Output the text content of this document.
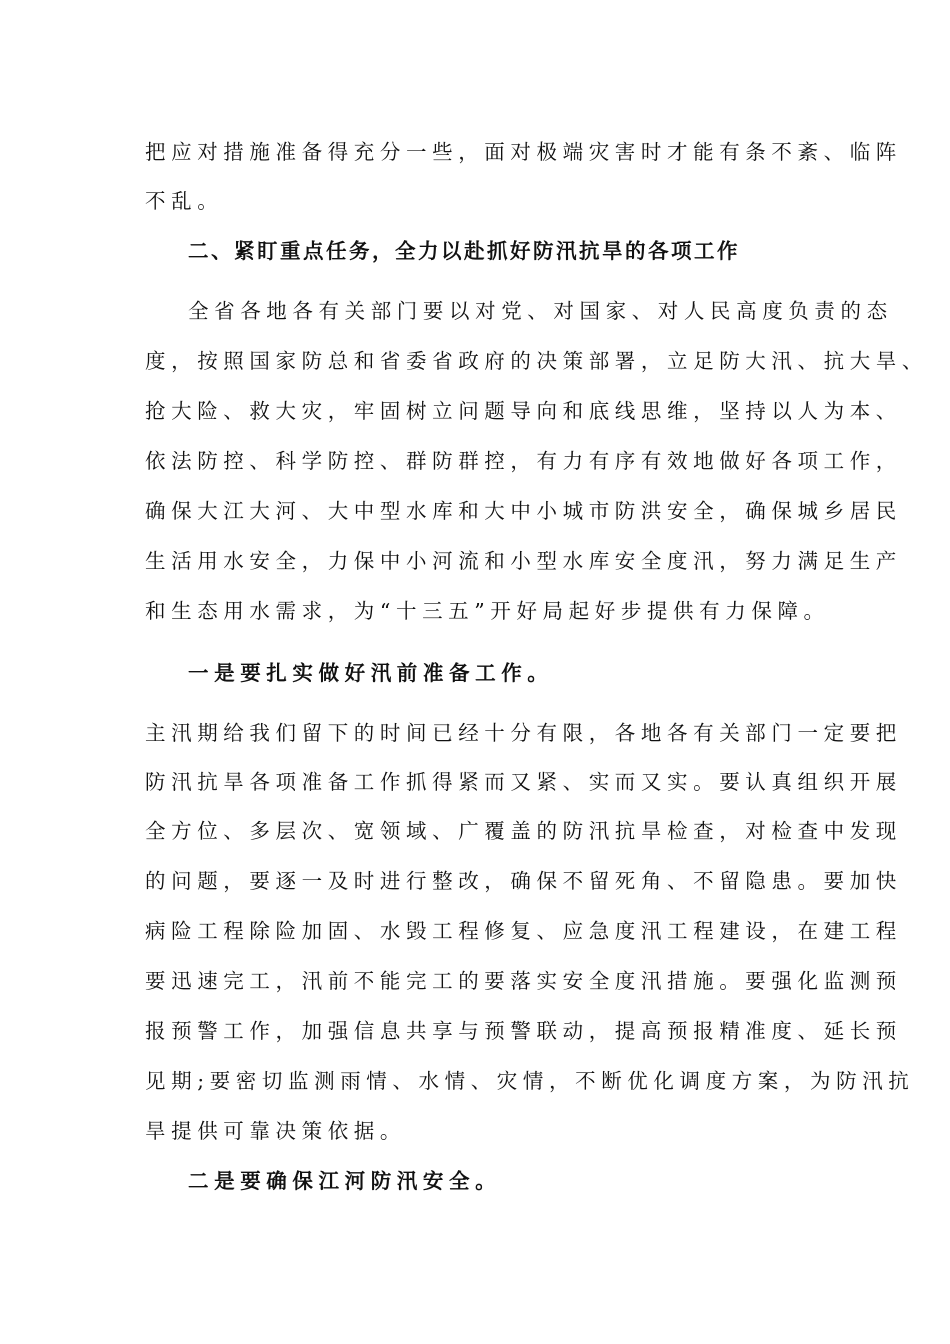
把应对措施准备得充分一些，面对极端灾害时才能有条不紊、临阵
不乱。
二、紧盯重点任务，全力以赴抓好防汛抗旱的各项工作
全省各地各有关部门要以对党、对国家、对人民高度负责的态
度，按照国家防总和省委省政府的决策部署，立足防大汛、抗大旱、
抢大险、救大灾，牢固树立问题导向和底线思维，坚持以人为本、
依法防控、科学防控、群防群控，有力有序有效地做好各项工作，
确保大江大河、大中型水库和大中小城市防洪安全，确保城乡居民
生活用水安全，力保中小河流和小型水库安全度汛，努力满足生产
和生态用水需求，为“十三五”开好局起好步提供有力保障。
一是要扎实做好汛前准备工作。
主汛期给我们留下的时间已经十分有限，各地各有关部门一定要把
防汛抗旱各项准备工作抓得紧而又紧、实而又实。要认真组织开展
全方位、多层次、宽领域、广覆盖的防汛抗旱检查，对检查中发现
的问题，要逐一及时进行整改，确保不留死角、不留隐患。要加快
病险工程除险加固、水毁工程修复、应急度汛工程建设，在建工程
要迅速完工，汛前不能完工的要落实安全度汛措施。要强化监测预
报预警工作，加强信息共享与预警联动，提高预报精准度、延长预
见期;要密切监测雨情、水情、灾情，不断优化调度方案，为防汛抗
旱提供可靠决策依据。
二是要确保江河防汛安全。
